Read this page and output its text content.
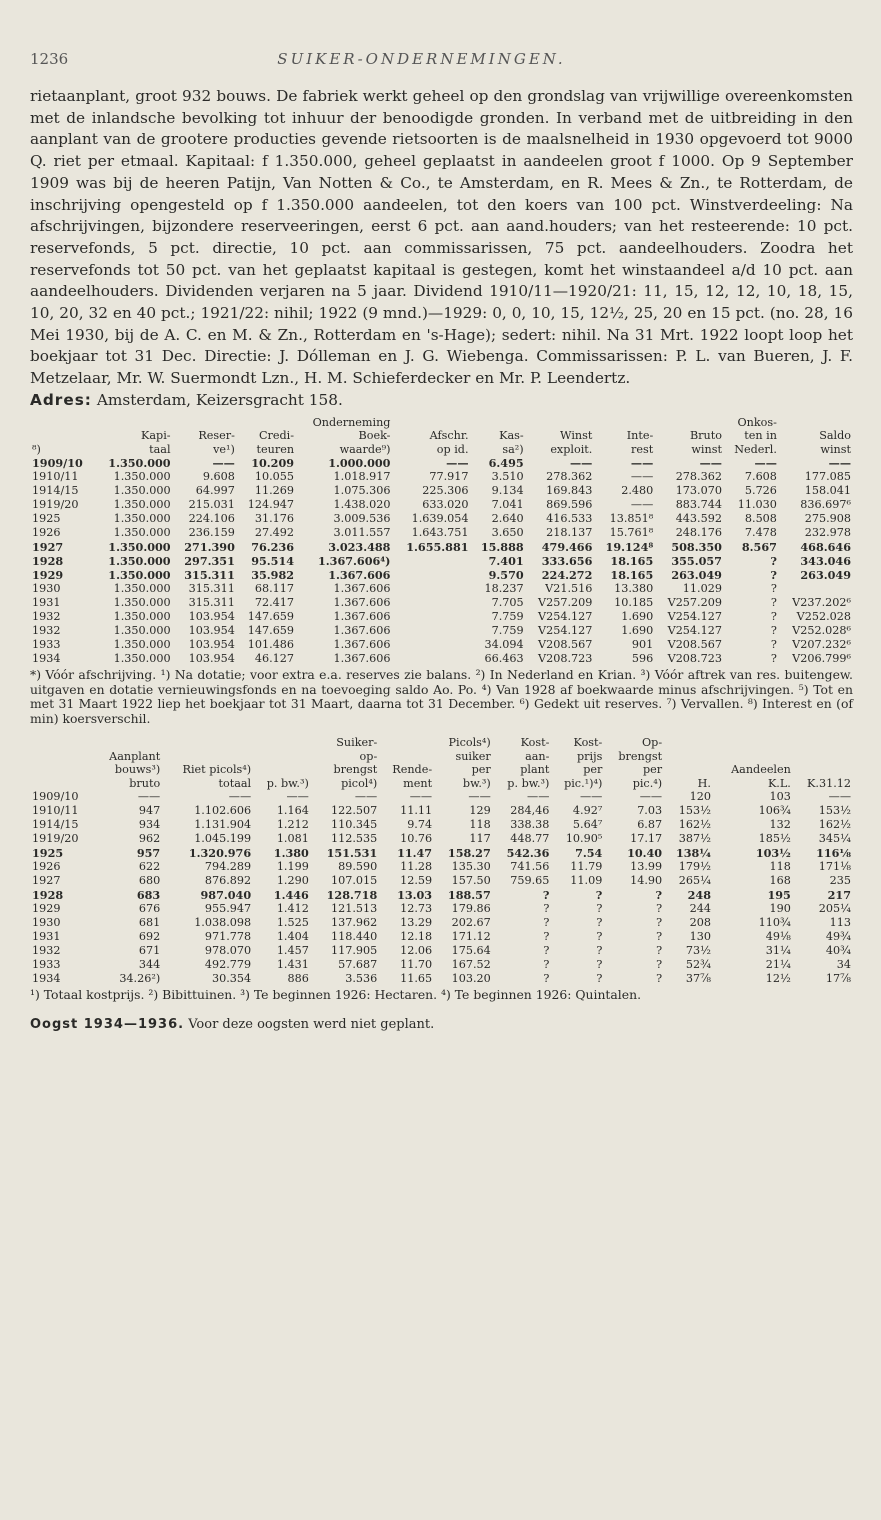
1236	SUIKER-ONDERNEMINGEN.

rietaanplant, groot 932 bouws. De fabriek werkt geheel op den grondslag van vrijwillige overeenkomsten met de inlandsche bevolking tot inhuur der benoodigde gronden. In verband met de uitbreiding in den aanplant van de grootere producties gevende rietsoorten is de maalsnelheid in 1930 opgevoerd tot 9000 Q. riet per etmaal. Kapitaal: f 1.350.000, geheel geplaatst in aandeelen groot f 1000. Op 9 September 1909 was bij de heeren Patijn, Van Notten & Co., te Amsterdam, en R. Mees & Zn., te Rotterdam, de inschrijving opengesteld op f 1.350.000 aandeelen, tot den koers van 100 pct. Winstverdeeling: Na afschrijvingen, bijzondere reserveeringen, eerst 6 pct. aan aand.houders; van het resteerende: 10 pct. reservefonds, 5 pct. directie, 10 pct. aan commissarissen, 75 pct. aandeelhouders. Zoodra het reservefonds tot 50 pct. van het geplaatst kapitaal is gestegen, komt het winstaandeel a/d 10 pct. aan aandeelhouders. Dividenden verjaren na 5 jaar. Dividend 1910/11—1920/21: 11, 15, 12, 12, 10, 18, 15, 10, 20, 32 en 40 pct.; 1921/22: nihil; 1922 (9 mnd.)—1929: 0, 0, 10, 15, 12½, 25, 20 en 15 pct. (no. 28, 16 Mei 1930, bij de A. C. en M. & Zn., Rotterdam en 's-Hage); sedert: nihil. Na 31 Mrt. 1922 loopt loop het boekjaar tot 31 Dec. Directie: J. Dólleman en J. G. Wiebenga. Commissarissen: P. L. van Bueren, J. F. Metzelaar, Mr. W. Suermondt Lzn., H. M. Schieferdecker en Mr. P. Leendertz.

Adres: Amsterdam, Keizersgracht 158.
				Onderneming						Onkos-	
	Kapi-	Reser-	Credi-	Boek-	Afschr.	Kas-	Winst	Inte-	Bruto	ten in	Saldo
⁸)	taal	ve¹)	teuren	waarde⁹)	op id.	sa²)	exploit.	rest	winst	Nederl.	winst
1909/10	1.350.000	——	10.209	1.000.000	——	6.495	——	——	——	——	——
1910/11	1.350.000	9.608	10.055	1.018.917	77.917	3.510	278.362	——	278.362	7.608	177.085
1914/15	1.350.000	64.997	11.269	1.075.306	225.306	9.134	169.843	2.480	173.070	5.726	158.041
1919/20	1.350.000	215.031	124.947	1.438.020	633.020	7.041	869.596	——	883.744	11.030	836.697⁶
1925	1.350.000	224.106	31.176	3.009.536	1.639.054	2.640	416.533	13.851⁸	443.592	8.508	275.908
1926	1.350.000	236.159	27.492	3.011.557	1.643.751	3.650	218.137	15.761⁸	248.176	7.478	232.978
1927	1.350.000	271.390	76.236	3.023.488	1.655.881	15.888	479.466	19.124⁸	508.350	8.567	468.646
1928	1.350.000	297.351	95.514	1.367.606⁴)		7.401	333.656	18.165	355.057	?	343.046
1929	1.350.000	315.311	35.982	1.367.606		9.570	224.272	18.165	263.049	?	263.049
1930	1.350.000	315.311	68.117	1.367.606		18.237	V21.516	13.380	11.029	?	
1931	1.350.000	315.311	72.417	1.367.606		7.705	V257.209	10.185	V257.209	?	V237.202⁶
1932	1.350.000	103.954	147.659	1.367.606		7.759	V254.127	1.690	V254.127	?	V252.028
1932	1.350.000	103.954	147.659	1.367.606		7.759	V254.127	1.690	V254.127	?	V252.028⁶
1933	1.350.000	103.954	101.486	1.367.606		34.094	V208.567	901	V208.567	?	V207.232⁶
1934	1.350.000	103.954	46.127	1.367.606		66.463	V208.723	596	V208.723	?	V206.799⁶
*) Vóór afschrijving. ¹) Na dotatie; voor extra e.a. reserves zie balans. ²) In Nederland en Krian. ³) Vóór aftrek van res. buitengew. uitgaven en dotatie vernieuwingsfonds en na toevoeging saldo Ao. Po. ⁴) Van 1928 af boekwaarde minus afschrijvingen. ⁵) Tot en met 31 Maart 1922 liep het boekjaar tot 31 Maart, daarna tot 31 December. ⁶) Gedekt uit reserves. ⁷) Vervallen. ⁸) Interest en (of min) koersverschil.
				Suiker-		Picols⁴)	Kost-	Kost-	Op-			
	Aanplant			op-		suiker	aan-	prijs	brengst			
	bouws³)	Riet picols⁴)		brengst	Rende-	per	plant	per	per		Aandeelen	
	bruto	totaal	p. bw.³)	picol⁴)	ment	bw.³)	p. bw.³)	pic.¹)⁴)	pic.⁴)	H.	K.L.	K.31.12
1909/10	——	——	——	——	——	——	——	——	——	120	103	——
1910/11	947	1.102.606	1.164	122.507	11.11	129	284,46	4.92⁷	7.03	153½	106¾	153½
1914/15	934	1.131.904	1.212	110.345	9.74	118	338.38	5.64⁷	6.87	162½	132	162½
1919/20	962	1.045.199	1.081	112.535	10.76	117	448.77	10.90⁵	17.17	387½	185½	345¼
1925	957	1.320.976	1.380	151.531	11.47	158.27	542.36	7.54	10.40	138¼	103½	116⅛
1926	622	794.289	1.199	89.590	11.28	135.30	741.56	11.79	13.99	179½	118	171⅛
1927	680	876.892	1.290	107.015	12.59	157.50	759.65	11.09	14.90	265¼	168	235
1928	683	987.040	1.446	128.718	13.03	188.57	?	?	?	248	195	217
1929	676	955.947	1.412	121.513	12.73	179.86	?	?	?	244	190	205¼
1930	681	1.038.098	1.525	137.962	13.29	202.67	?	?	?	208	110¾	113
1931	692	971.778	1.404	118.440	12.18	171.12	?	?	?	130	49⅛	49¾
1932	671	978.070	1.457	117.905	12.06	175.64	?	?	?	73½	31¼	40¾
1933	344	492.779	1.431	57.687	11.70	167.52	?	?	?	52¾	21¼	34
1934	34.26²)	30.354	886	3.536	11.65	103.20	?	?	?	37⅞	12½	17⅞
¹) Totaal kostprijs. ²) Bibittuinen. ³) Te beginnen 1926: Hectaren. ⁴) Te beginnen 1926: Quintalen.
Oogst 1934—1936. Voor deze oogsten werd niet geplant.
